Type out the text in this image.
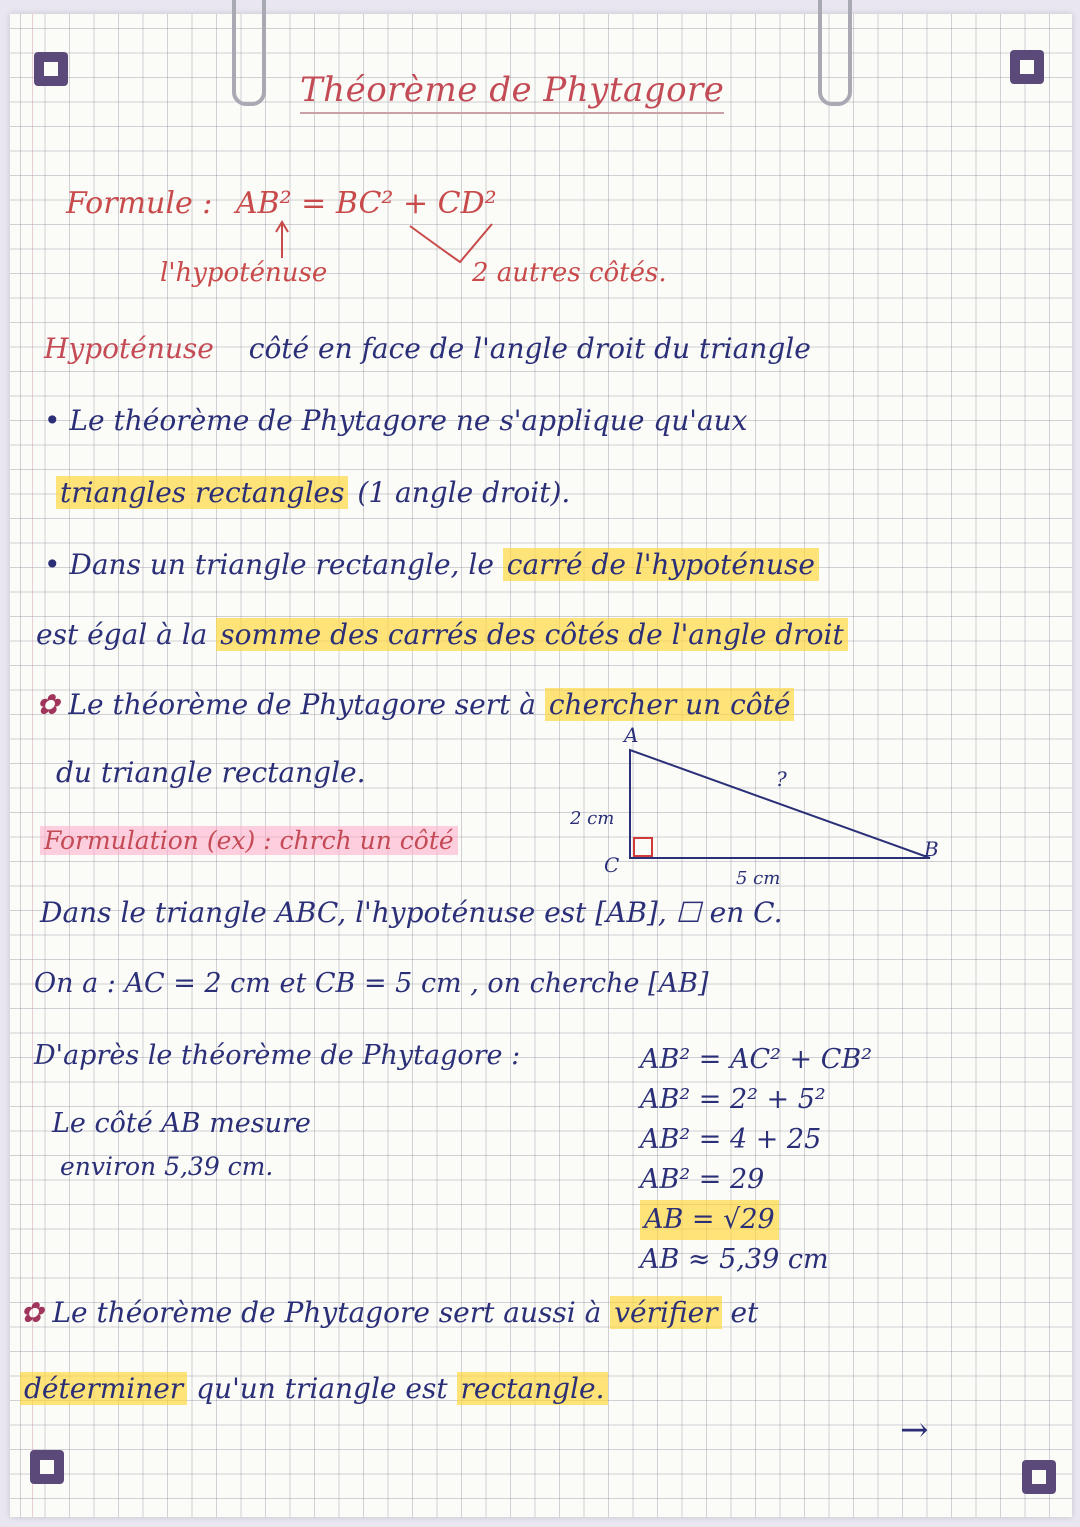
Théorème de Phytagore
Formule : AB² = BC² + CD²
l'hypoténuse	2 autres côtés.
Hypoténuse côté en face de l'angle droit du triangle
• Le théorème de Phytagore ne s'applique qu'aux
triangles rectangles (1 angle droit).
• Dans un triangle rectangle, le carré de l'hypoténuse
est égal à la somme des carrés des côtés de l'angle droit
✿ Le théorème de Phytagore sert à chercher un côté
du triangle rectangle.
Formulation (ex) : chrch un côté
A
C
B
2 cm
5 cm
?
Dans le triangle ABC, l'hypoténuse est [AB], ☐ en C.
On a : AC = 2 cm et CB = 5 cm , on cherche [AB]
D'après le théorème de Phytagore :
Le côté AB mesure
environ 5,39 cm.
AB² = AC² + CB²
AB² = 2² + 5²
AB² = 4 + 25
AB² = 29
AB = √29
AB ≈ 5,39 cm
✿ Le théorème de Phytagore sert aussi à vérifier et
déterminer qu'un triangle est rectangle.
→
